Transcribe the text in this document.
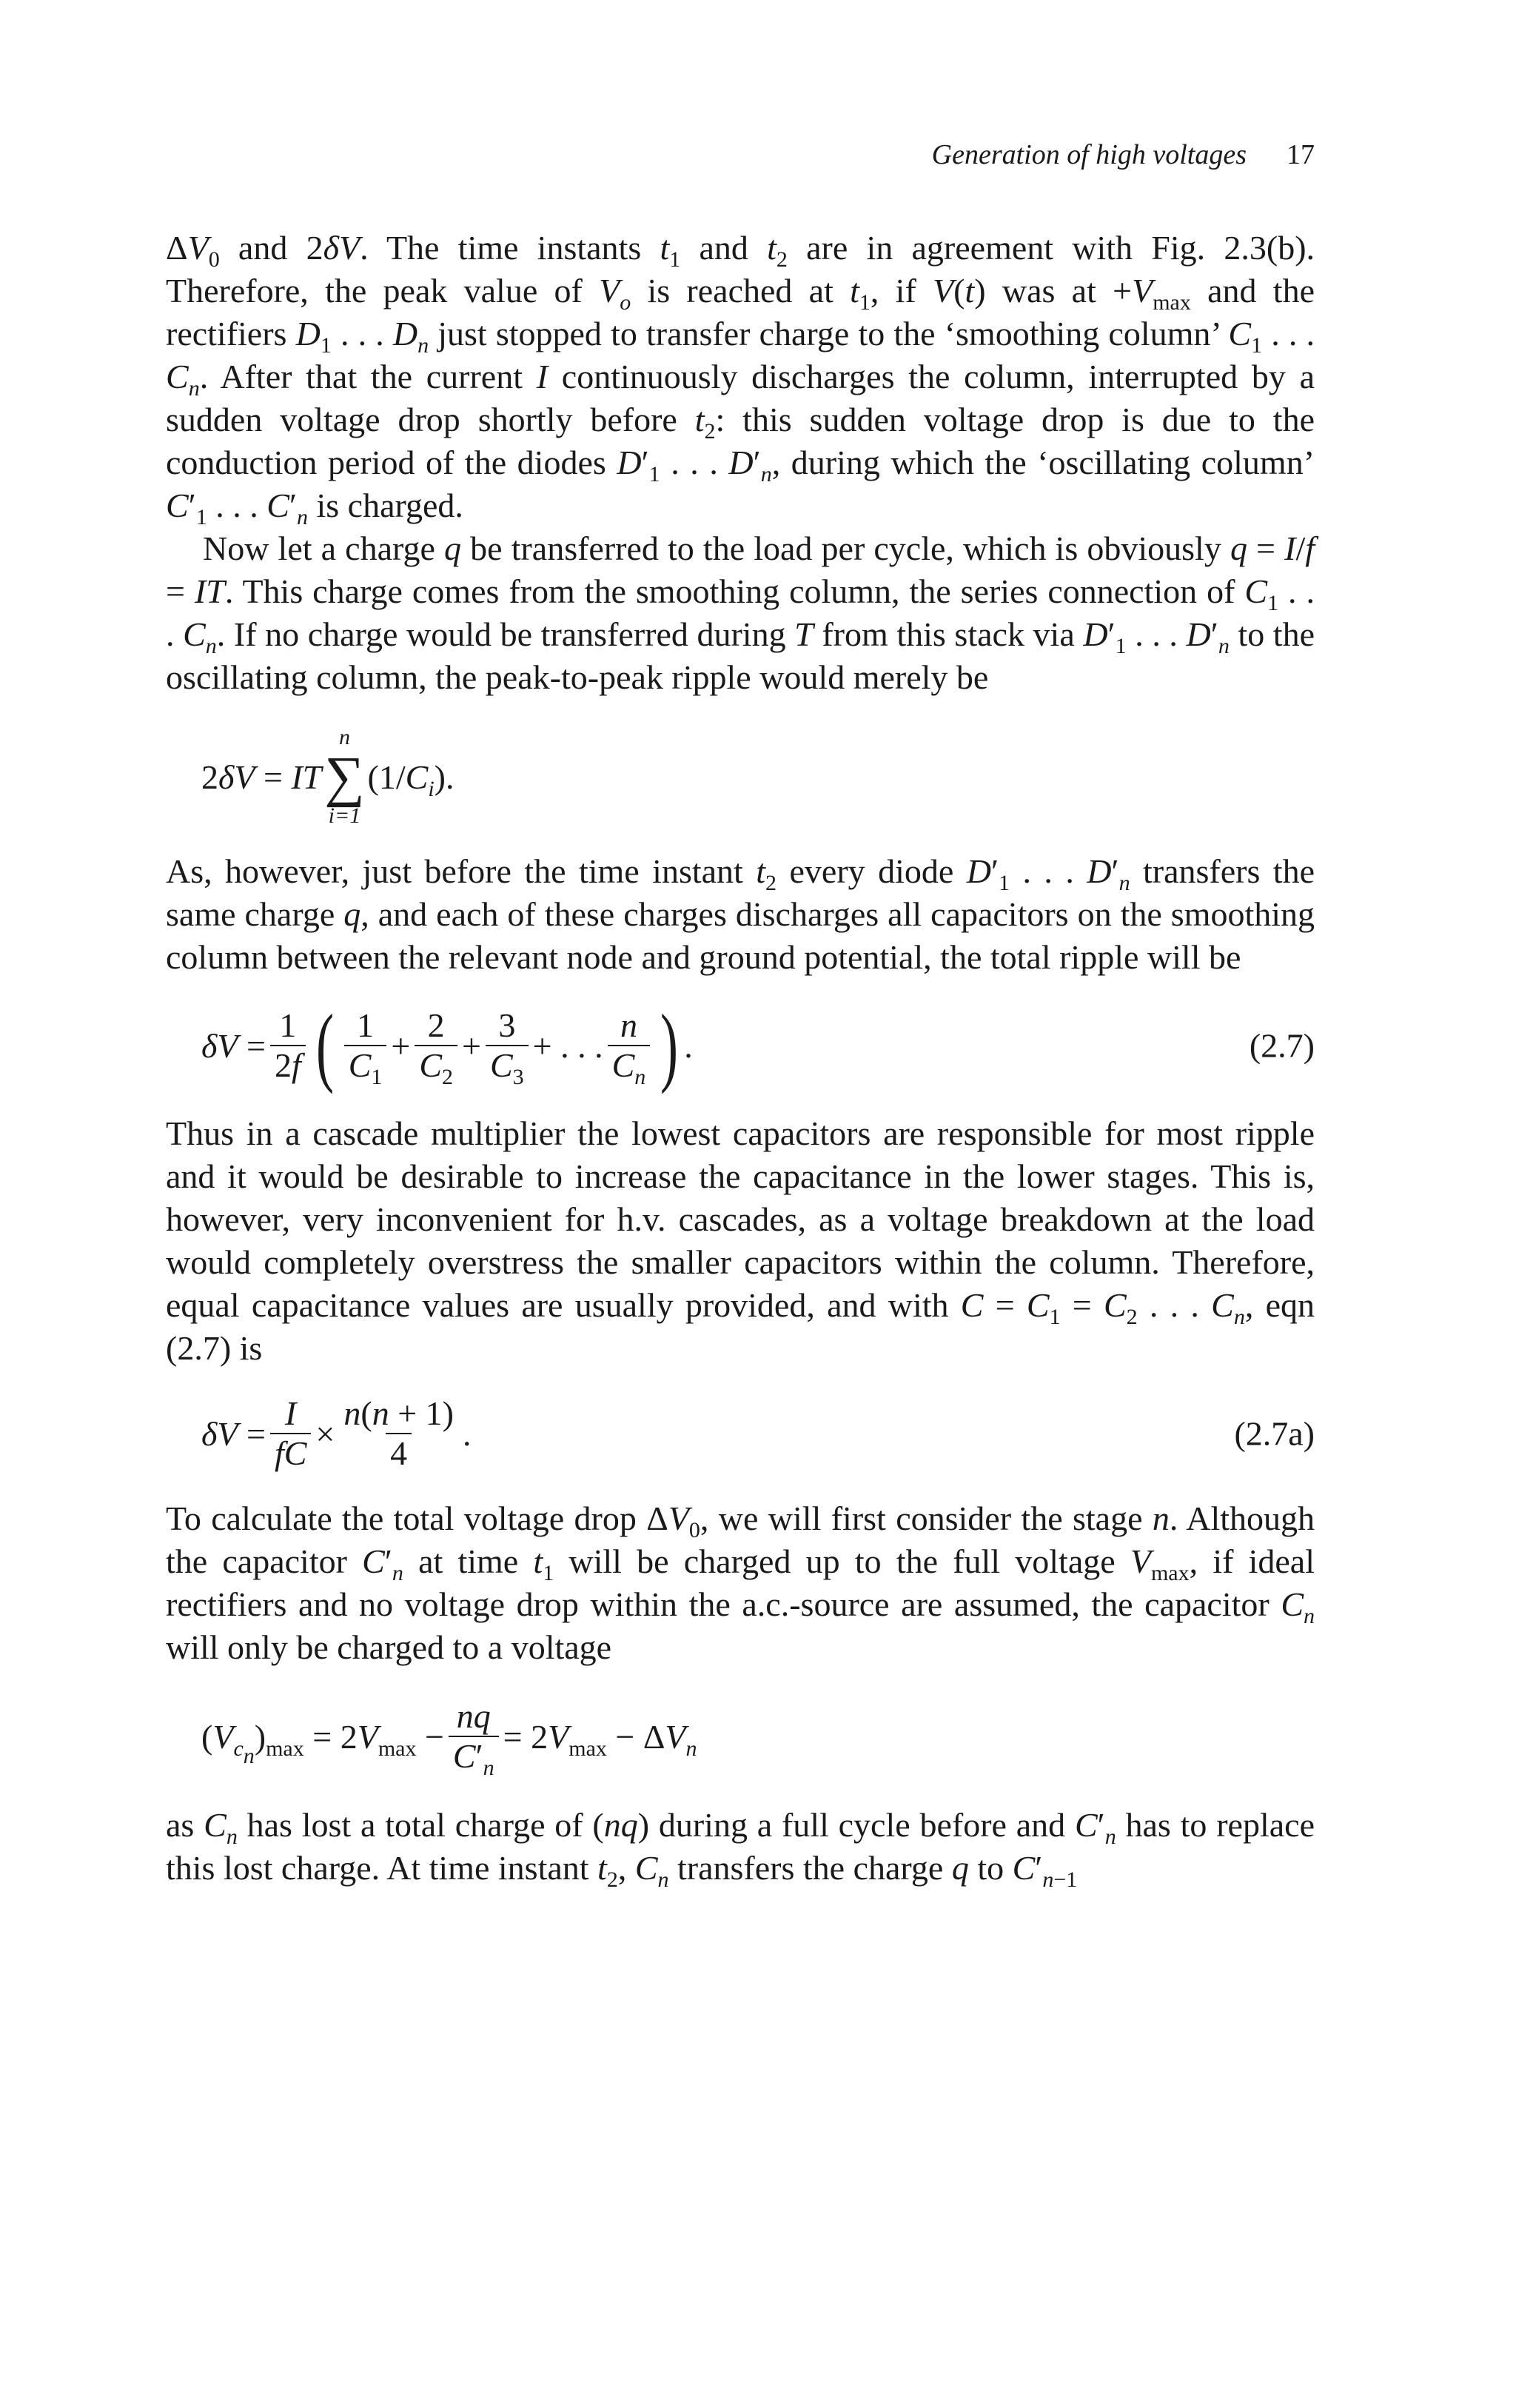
Generation of high voltages 17

$\Delta V_0$ and 2δV. The time instants $t_1$ and $t_2$ are in agreement with Fig. 2.3(b). Therefore, the peak value of $V_o$ is reached at $t_1$, if V(t) was at $+V_{max}$ and the rectifiers $D_1$ . . . $D_n$ just stopped to transfer charge to the ‘smoothing column’ $C_1$ . . . $C_n$. After that the current I continuously discharges the column, interrupted by a sudden voltage drop shortly before $t_2$: this sudden voltage drop is due to the conduction period of the diodes $D'_1$ . . . $D'_n$, during which the ‘oscillating column’ $C'_1$ . . . $C'_n$ is charged.

Now let a charge q be transferred to the load per cycle, which is obviously q = I/f = IT. This charge comes from the smoothing column, the series connection of $C_1$ . . . $C_n$. If no charge would be transferred during T from this stack via $D'_1$ . . . $D'_n$ to the oscillating column, the peak-to-peak ripple would merely be

2δV = IT
n
∑
i=1
$(1/C_i)$.

As, however, just before the time instant $t_2$ every diode $D'_1$ . . . $D'_n$ transfers the same charge q, and each of these charges discharges all capacitors on the smoothing column between the relevant node and ground potential, the total ripple will be

$\delta V = \frac{1}{2f}$ ( $\frac{1}{C_1} + \frac{2}{C_2} + \frac{3}{C_3}$ + . . . $\frac{n}{C_n}$ ) .	(2.7)

Thus in a cascade multiplier the lowest capacitors are responsible for most ripple and it would be desirable to increase the capacitance in the lower stages. This is, however, very inconvenient for h.v. cascades, as a voltage breakdown at the load would completely overstress the smaller capacitors within the column. Therefore, equal capacitance values are usually provided, and with $C = C_1 = C_2$ . . . $C_n$, eqn (2.7) is

$\delta V = \frac{I}{fC} \times \frac{n(n + 1)}{4}$ .	(2.7a)

To calculate the total voltage drop $\Delta V_0$, we will first consider the stage n. Although the capacitor $C'_n$ at time $t_1$ will be charged up to the full voltage $V_{max}$, if ideal rectifiers and no voltage drop within the a.c.-source are assumed, the capacitor $C_n$ will only be charged to a voltage

$(V_{c_n})_{max} = 2V_{max} - \frac{nq}{C'_n} = 2V_{max} - \Delta V_n$

as $C_n$ has lost a total charge of (nq) during a full cycle before and $C'_n$ has to replace this lost charge. At time instant $t_2$, $C_n$ transfers the charge q to $C'_{n-1}$
